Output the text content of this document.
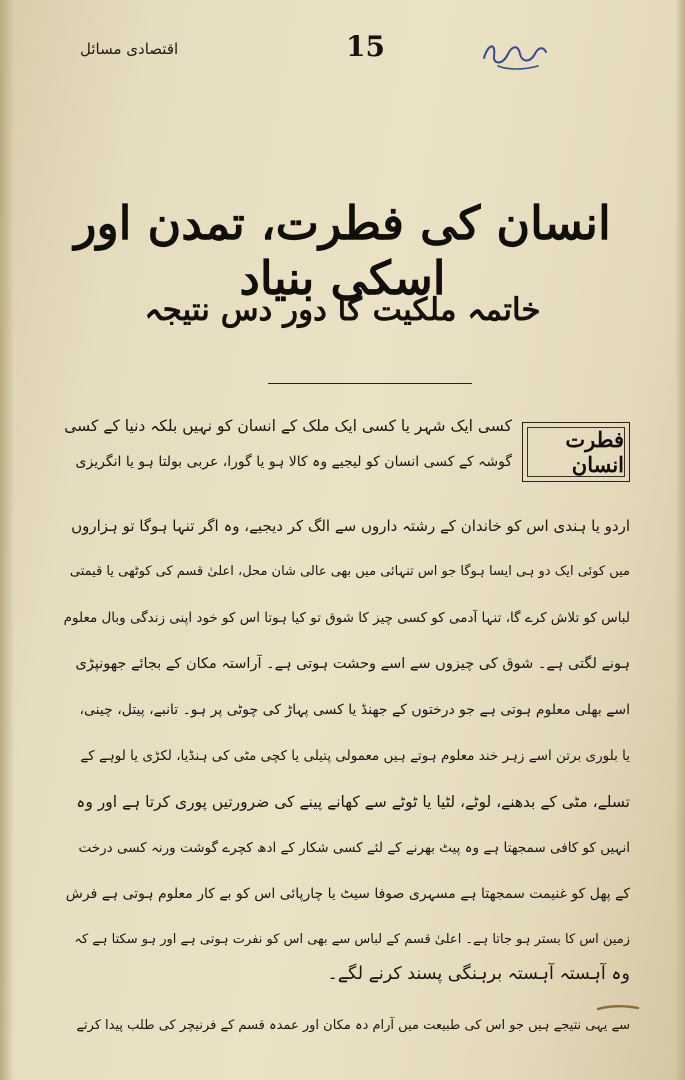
اقتصادی مسائل	15
انسان کی فطرت، تمدن اور اسکی بنیاد
خاتمہ ملکیت کا دور دس نتیجہ
فطرت انسان
کسی ایک شہر یا کسی ایک ملک کے انسان کو نہیں بلکہ دنیا کے کسی
گوشہ کے کسی انسان کو لیجیے وہ کالا ہو یا گورا، عربی بولتا ہو یا انگریزی
اردو یا ہندی اس کو خاندان کے رشتہ داروں سے الگ کر دیجیے، وہ اگر تنہا ہوگا تو ہزاروں
میں کوئی ایک دو ہی ایسا ہوگا جو اس تنہائی میں بھی عالی شان محل، اعلیٰ قسم کی کوٹھی یا قیمتی
لباس کو تلاش کرے گا، تنہا آدمی کو کسی چیز کا شوق تو کیا ہوتا اس کو خود اپنی زندگی وبال معلوم
ہونے لگتی ہے۔ شوق کی چیزوں سے اسے وحشت ہوتی ہے۔ آراستہ مکان کے بجائے جھونپڑی
اسے بھلی معلوم ہوتی ہے جو درختوں کے جھنڈ یا کسی پہاڑ کی چوٹی پر ہو۔ تانبے، پیتل، چینی،
یا بلوری برتن اسے زہر خند معلوم ہوتے ہیں معمولی پتیلی یا کچی مٹی کی ہنڈیا، لکڑی یا لوہے کے
تسلے، مٹی کے بدھنے، لوٹے، لٹیا یا ٹوٹے سے کھانے پینے کی ضرورتیں پوری کرتا ہے اور وہ
انہیں کو کافی سمجھتا ہے وہ پیٹ بھرنے کے لئے کسی شکار کے ادھ کچرے گوشت ورنہ کسی درخت
کے پھل کو غنیمت سمجھتا ہے مسہری صوفا سیٹ یا چارپائی اس کو بے کار معلوم ہوتی ہے فرش
زمین اس کا بستر ہو جاتا ہے۔ اعلیٰ قسم کے لباس سے بھی اس کو نفرت ہوتی ہے اور ہو سکتا ہے کہ
وہ آہستہ آہستہ برہنگی پسند کرنے لگے۔
سے یہی نتیجے ہیں جو اس کی طبیعت میں آرام دہ مکان اور عمدہ قسم کے فرنیچر کی طلب پیدا کرتے
